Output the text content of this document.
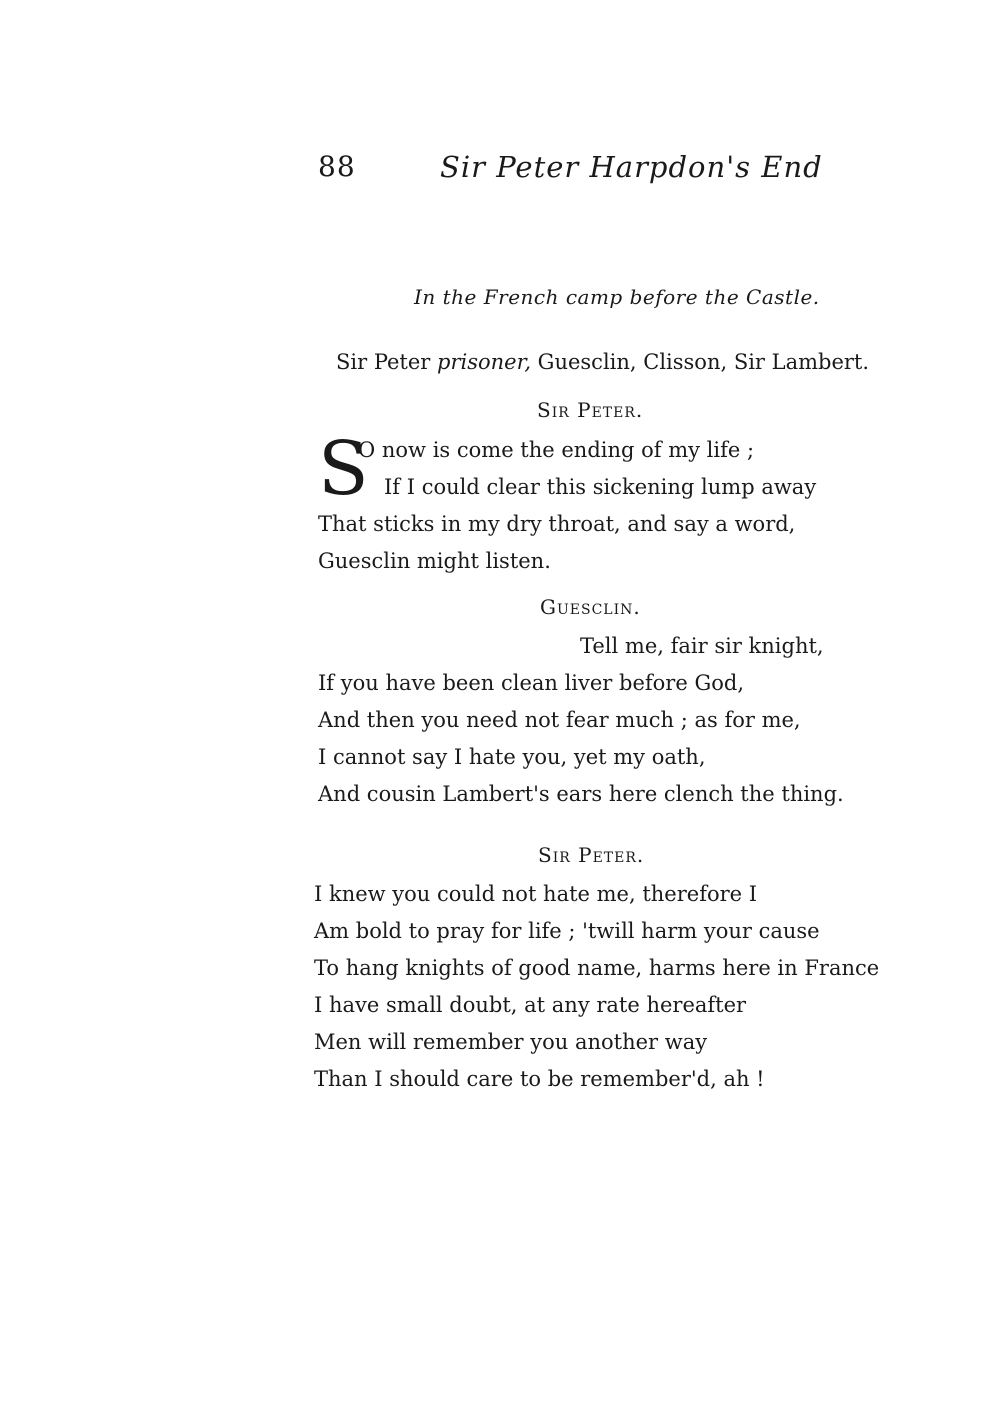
88	Sir Peter Harpdon's End
In the French camp before the Castle.
Sir Peter prisoner, Guesclin, Clisson, Sir Lambert.
Sir Peter.
S
O now is come the ending of my life ;
If I could clear this sickening lump away
That sticks in my dry throat, and say a word,
Guesclin might listen.
Guesclin.
Tell me, fair sir knight,
If you have been clean liver before God,
And then you need not fear much ; as for me,
I cannot say I hate you, yet my oath,
And cousin Lambert's ears here clench the thing.
Sir Peter.
I knew you could not hate me, therefore I
Am bold to pray for life ; 'twill harm your cause
To hang knights of good name, harms here in France
I have small doubt, at any rate hereafter
Men will remember you another way
Than I should care to be remember'd, ah !
